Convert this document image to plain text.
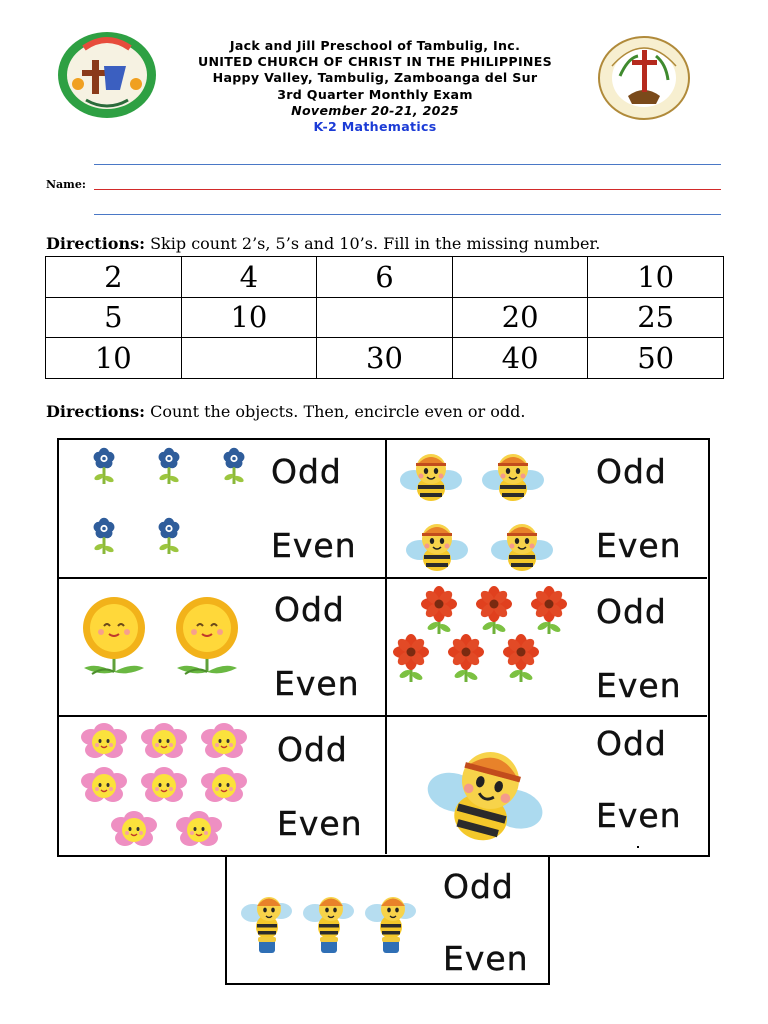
Jack and Jill Preschool of Tambulig, Inc.
UNITED CHURCH OF CHRIST IN THE PHILIPPINES
Happy Valley, Tambulig, Zamboanga del Sur
3rd Quarter Monthly Exam
November 20-21, 2025
K-2 Mathematics
Name:
Directions: Skip count 2’s, 5’s and 10’s. Fill in the missing number.
2	4	6		10
5	10		20	25
10		30	40	50
Directions: Count the objects. Then, encircle even or odd.
Odd
Even
Odd
Even
Odd
Even
Odd
Even
Odd
Even
Odd
Even
Odd
Even
